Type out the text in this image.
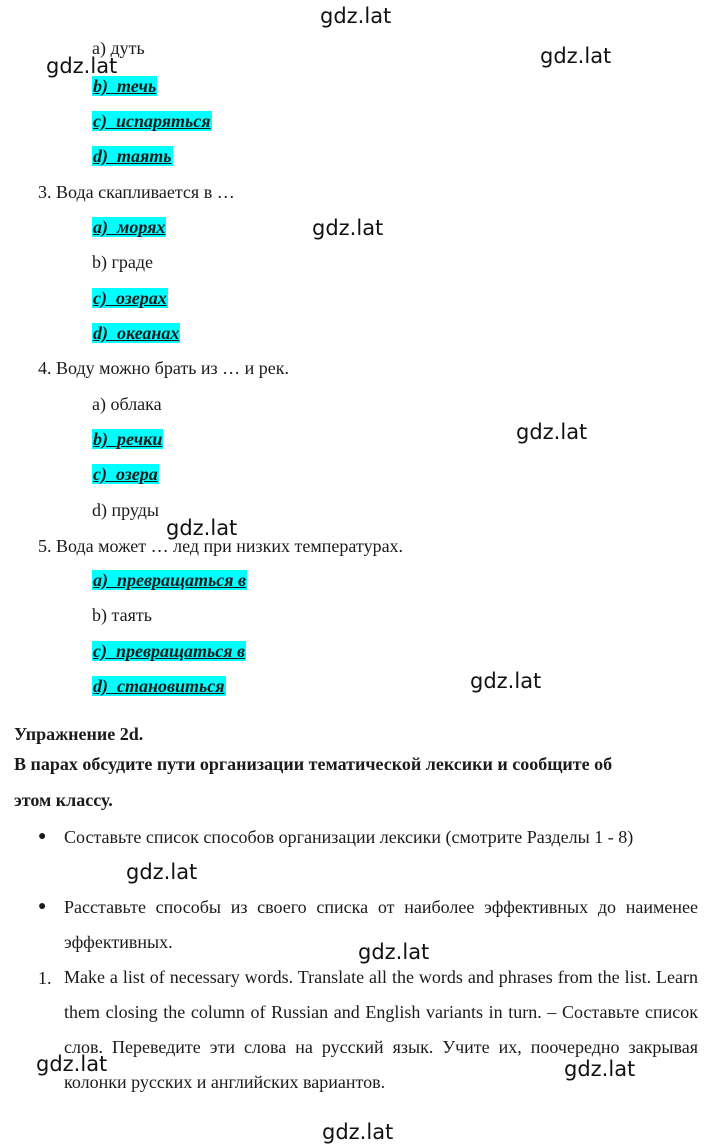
a) дуть
b) течь
c) испаряться
d) таять
3. Вода скапливается в …
a) морях
b) граде
c) озерах
d) океанах
4. Воду можно брать из … и рек.
a) облака
b) речки
c) озера
d) пруды
5. Вода может … лед при низких температурах.
a) превращаться в
b) таять
c) превращаться в
d) становиться
Упражнение 2d.
В парах обсудите пути организации тематической лексики и сообщите об
этом классу.
● Составьте список способов организации лексики (смотрите Разделы 1 - 8)
● Расставьте способы из своего списка от наиболее эффективных до наименее эффективных.
1. Make a list of necessary words. Translate all the words and phrases from the list. Learn them closing the column of Russian and English variants in turn. – Составьте список слов. Переведите эти слова на русский язык. Учите их, поочередно закрывая колонки русских и английских вариантов.
gdz.lat
gdz.lat	gdz.lat
gdz.lat
gdz.lat
gdz.lat
gdz.lat
gdz.lat
gdz.lat
gdz.lat	gdz.lat
gdz.lat
